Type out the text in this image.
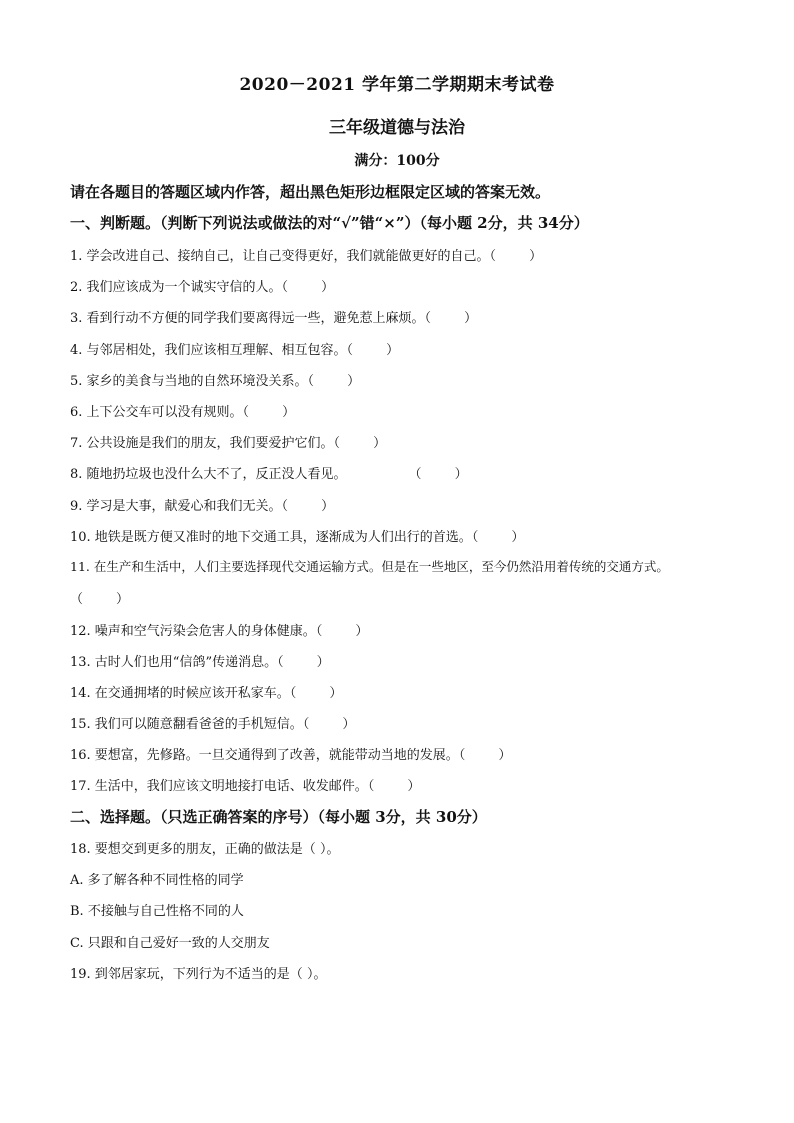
2020－2021 学年第二学期期末考试卷
三年级道德与法治
满分：100分
请在各题目的答题区域内作答，超出黑色矩形边框限定区域的答案无效。
一、判断题。（判断下列说法或做法的对“√”错“×”）（每小题 2分，共 34分）
1. 学会改进自己、接纳自己，让自己变得更好，我们就能做更好的自己。（        ）
2. 我们应该成为一个诚实守信的人。（        ）
3. 看到行动不方便的同学我们要离得远一些，避免惹上麻烦。（        ）
4. 与邻居相处，我们应该相互理解、相互包容。（        ）
5. 家乡的美食与当地的自然环境没关系。（        ）
6. 上下公交车可以没有规则。（        ）
7. 公共设施是我们的朋友，我们要爱护它们。（        ）
8. 随地扔垃圾也没什么大不了，反正没人看见。               （        ）
9. 学习是大事，献爱心和我们无关。（        ）
10. 地铁是既方便又准时的地下交通工具，逐渐成为人们出行的首选。（        ）
11. 在生产和生活中，人们主要选择现代交通运输方式。但是在一些地区，至今仍然沿用着传统的交通方式。
（        ）
12. 噪声和空气污染会危害人的身体健康。（        ）
13. 古时人们也用“信鸽”传递消息。（        ）
14. 在交通拥堵的时候应该开私家车。（        ）
15. 我们可以随意翻看爸爸的手机短信。（        ）
16. 要想富，先修路。一旦交通得到了改善，就能带动当地的发展。（        ）
17. 生活中，我们应该文明地接打电话、收发邮件。（        ）
二、选择题。（只选正确答案的序号）（每小题 3分，共 30分）
18. 要想交到更多的朋友，正确的做法是（ ）。
A. 多了解各种不同性格的同学
B. 不接触与自己性格不同的人
C. 只跟和自己爱好一致的人交朋友
19. 到邻居家玩，下列行为不适当的是（ ）。
